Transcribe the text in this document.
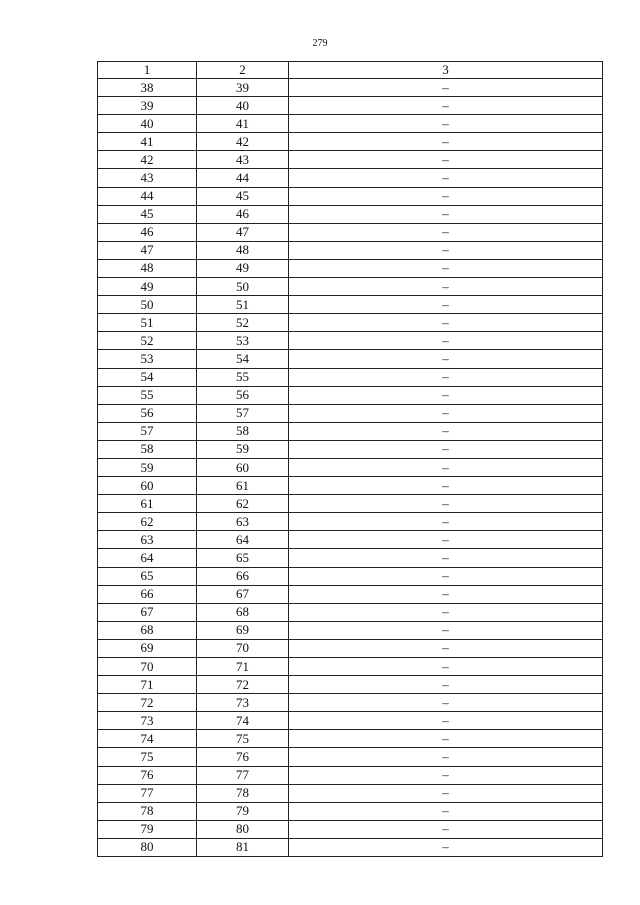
279
1	2	3
38	39	–
39	40	–
40	41	–
41	42	–
42	43	–
43	44	–
44	45	–
45	46	–
46	47	–
47	48	–
48	49	–
49	50	–
50	51	–
51	52	–
52	53	–
53	54	–
54	55	–
55	56	–
56	57	–
57	58	–
58	59	–
59	60	–
60	61	–
61	62	–
62	63	–
63	64	–
64	65	–
65	66	–
66	67	–
67	68	–
68	69	–
69	70	–
70	71	–
71	72	–
72	73	–
73	74	–
74	75	–
75	76	–
76	77	–
77	78	–
78	79	–
79	80	–
80	81	–
